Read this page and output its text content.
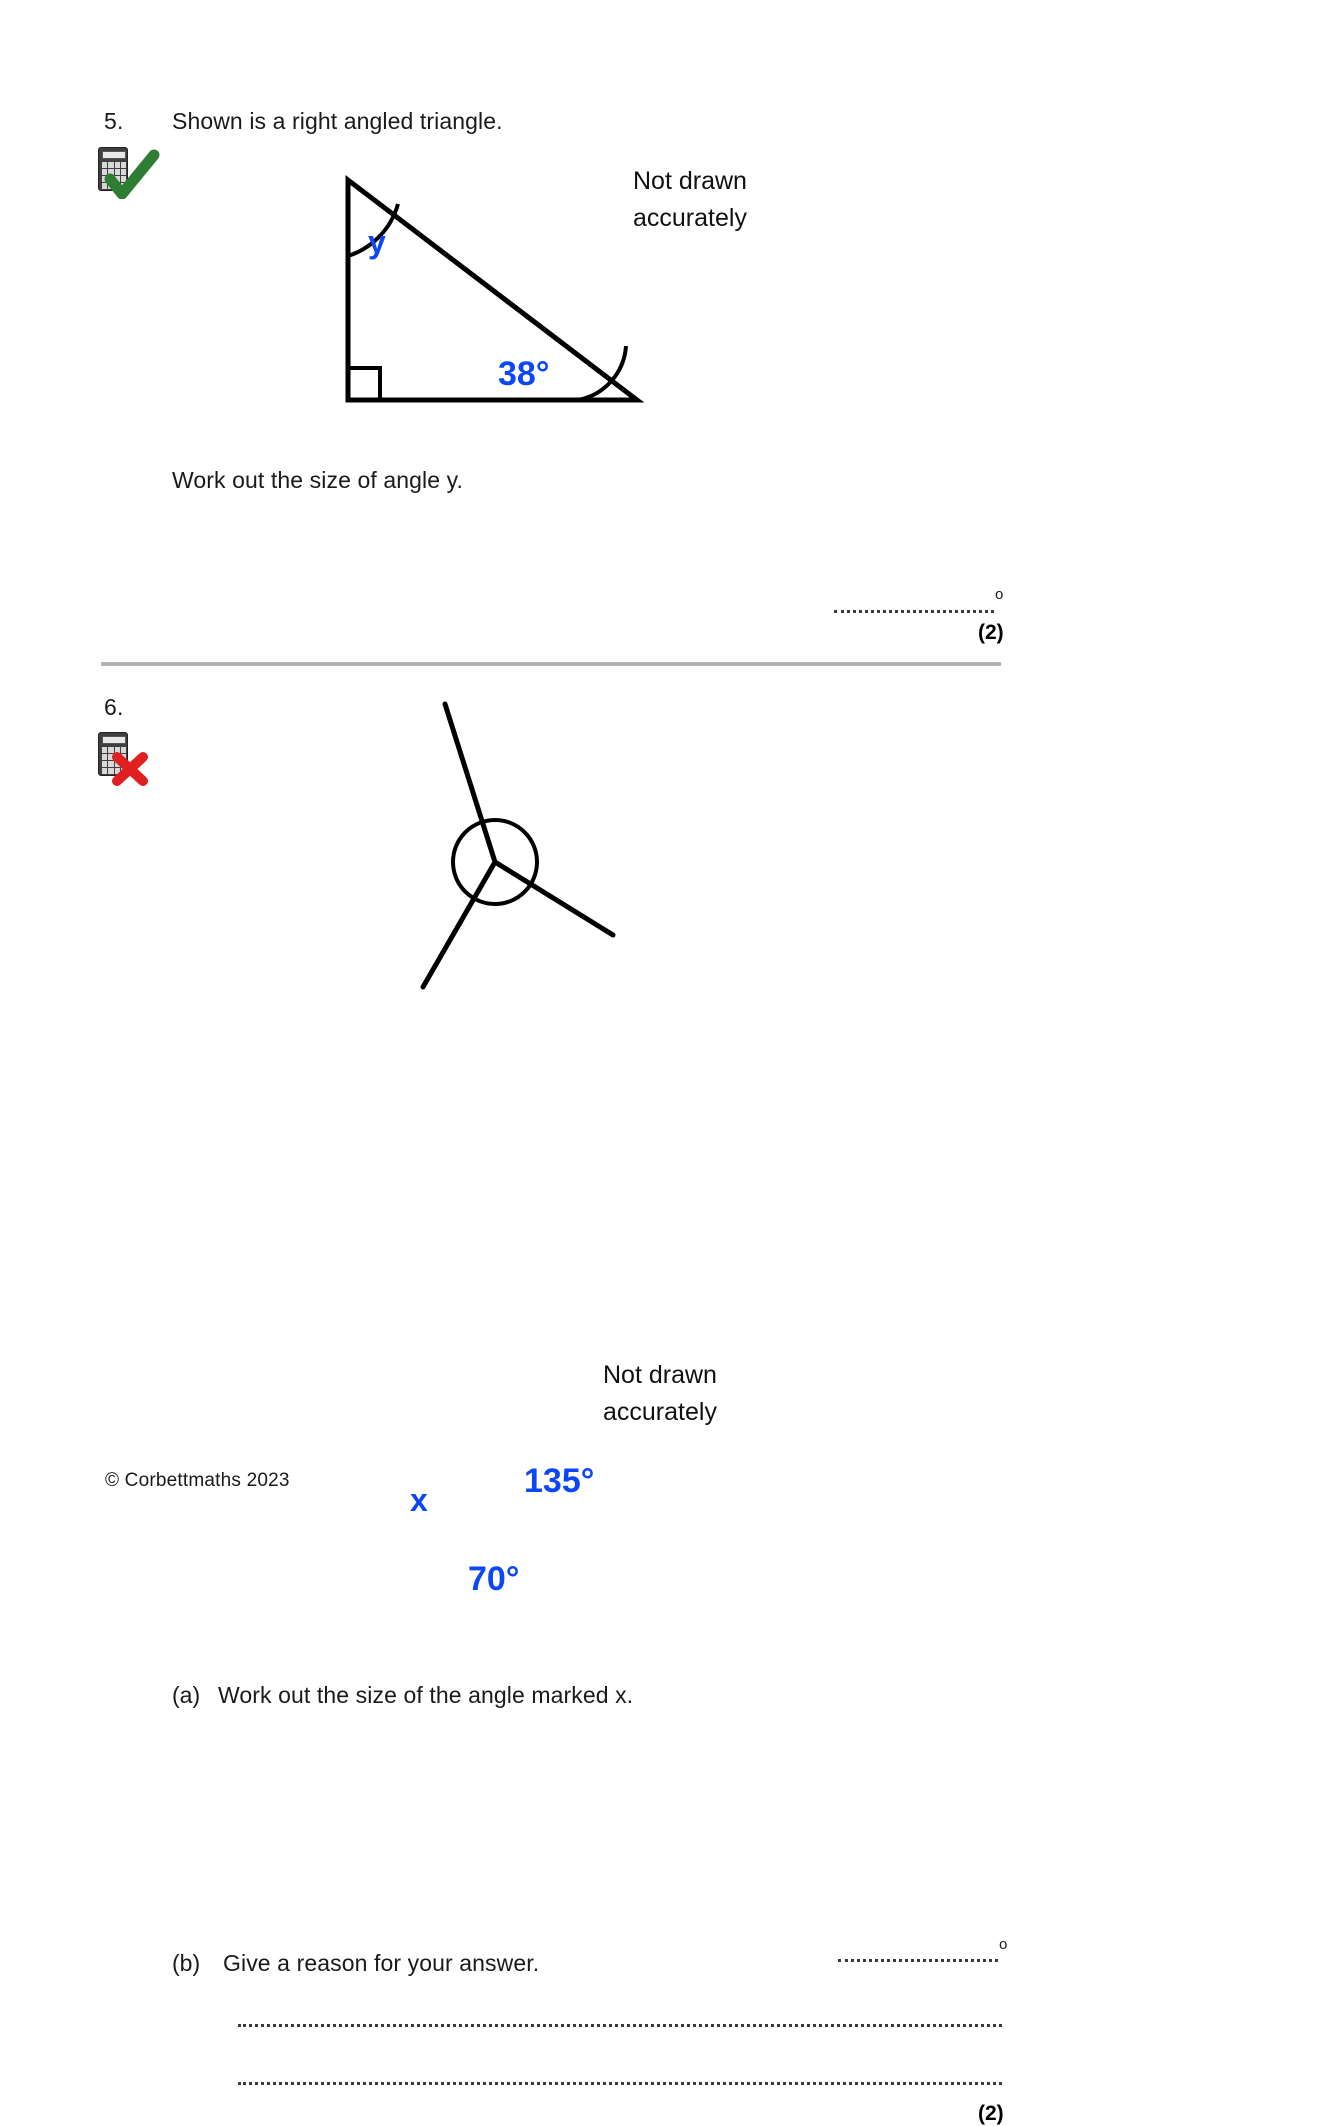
5. Shown is a right angled triangle.
Not drawn
accurately
y
38°
Work out the size of angle y.
o
(2)
6.
Not drawn
accurately
x	135°
70°
(a) Work out the size of the angle marked x.
o
(b) Give a reason for your answer.
(2)
© Corbettmaths 2023
